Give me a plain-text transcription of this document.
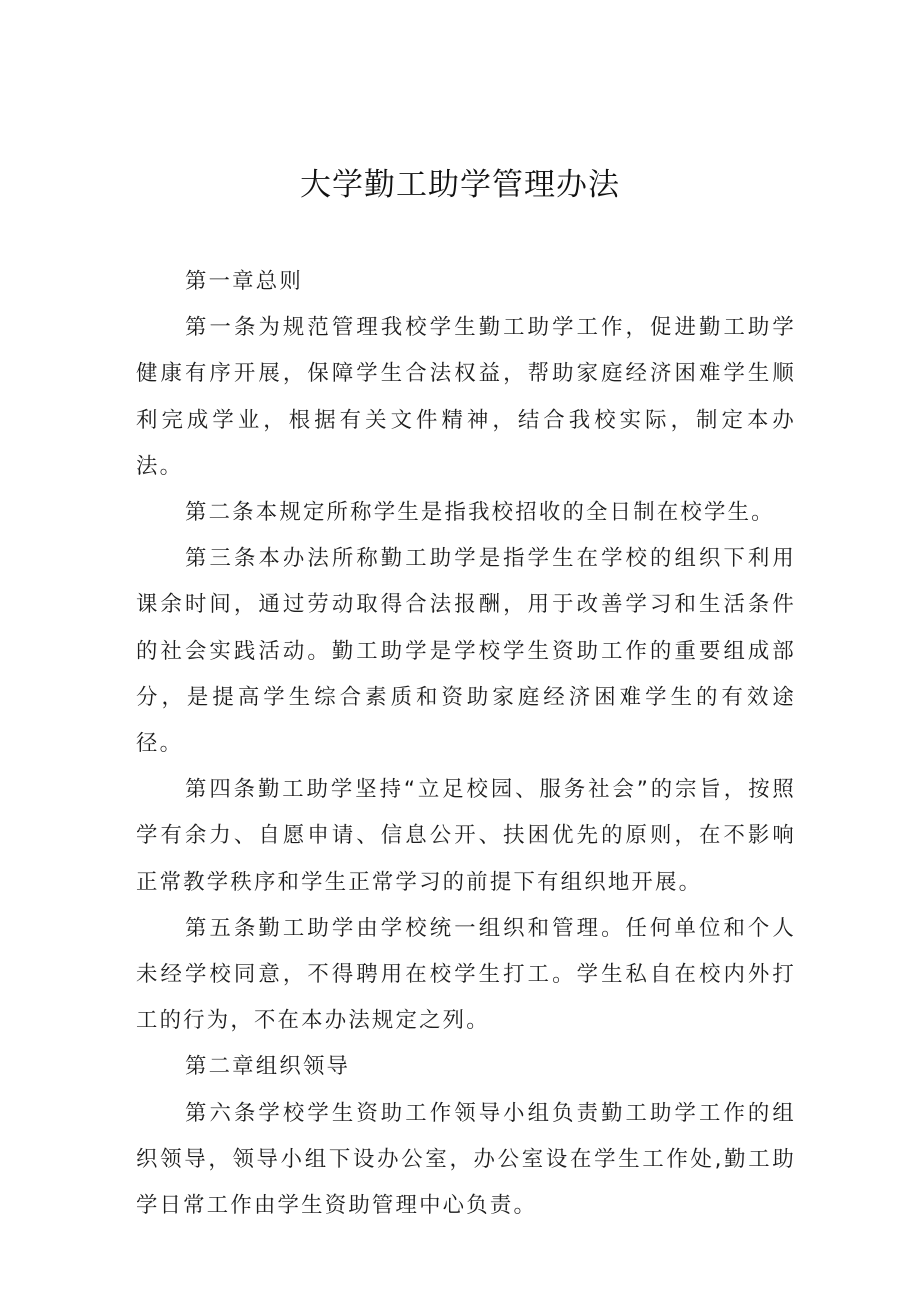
大学勤工助学管理办法

第一章总则

第一条为规范管理我校学生勤工助学工作，促进勤工助学健康有序开展，保障学生合法权益，帮助家庭经济困难学生顺利完成学业，根据有关文件精神，结合我校实际，制定本办法。

第二条本规定所称学生是指我校招收的全日制在校学生。

第三条本办法所称勤工助学是指学生在学校的组织下利用课余时间，通过劳动取得合法报酬，用于改善学习和生活条件的社会实践活动。勤工助学是学校学生资助工作的重要组成部分，是提高学生综合素质和资助家庭经济困难学生的有效途径。

第四条勤工助学坚持“立足校园、服务社会”的宗旨，按照学有余力、自愿申请、信息公开、扶困优先的原则，在不影响正常教学秩序和学生正常学习的前提下有组织地开展。

第五条勤工助学由学校统一组织和管理。任何单位和个人未经学校同意，不得聘用在校学生打工。学生私自在校内外打工的行为，不在本办法规定之列。

第二章组织领导

第六条学校学生资助工作领导小组负责勤工助学工作的组织领导，领导小组下设办公室，办公室设在学生工作处,勤工助学日常工作由学生资助管理中心负责。
